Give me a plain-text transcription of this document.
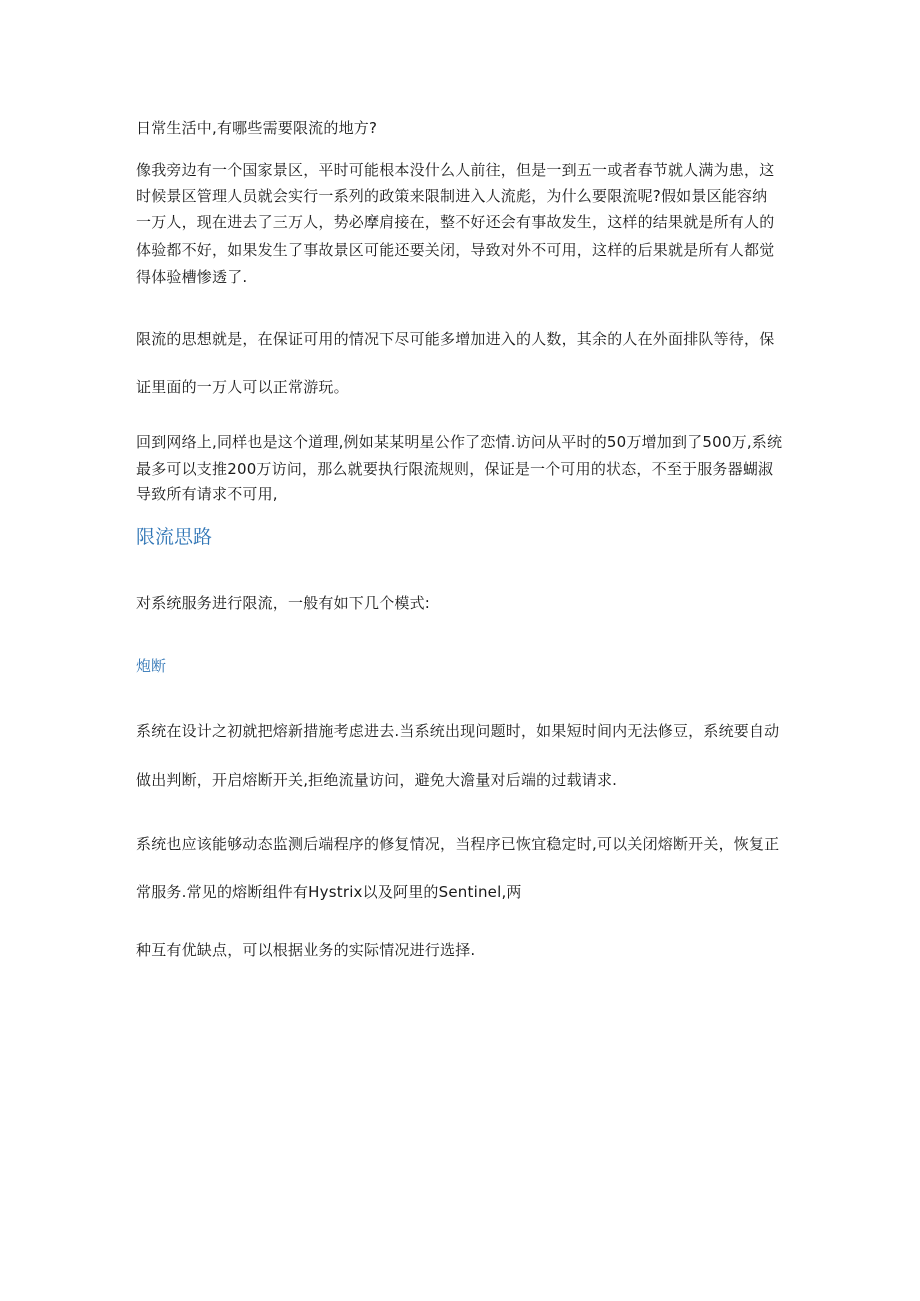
日常生活中,有哪些需要限流的地方?
像我旁边有一个国家景区，平时可能根本没什么人前往，但是一到五一或者春节就人满为患，这
时候景区管理人员就会实行一系列的政策来限制进入人流彪，为什么要限流呢?假如景区能容纳
一万人，现在进去了三万人，势必摩肩接在，整不好还会有事故发生，这样的结果就是所有人的
体验都不好，如果发生了事故景区可能还要关闭，导致对外不可用，这样的后果就是所有人都觉
得体验槽惨透了.
限流的思想就是，在保证可用的情况下尽可能多增加进入的人数，其余的人在外面排队等待，保
证里面的一万人可以正常游玩。
回到网络上,同样也是这个道理,例如某某明星公作了恋情.访问从平时的50万增加到了500万,系统
最多可以支推200万访问，那么就要执行限流规则，保证是一个可用的状态，不至于服务器蝴淑
导致所有请求不可用,
限流思路
对系统服务进行限流，一般有如下几个模式:
炮断
系统在设计之初就把熔新措施考虑进去.当系统出现问题时，如果短时间内无法修豆，系统要自动
做出判断，开启熔断开关,拒绝流量访问，避免大澹量对后端的过载请求.
系统也应该能够动态监测后端程序的修复情况，当程序已恢宜稳定时,可以关闭熔断开关，恢复正
常服务.常见的熔断组件有Hystrix以及阿里的Sentinel,两
种互有优缺点，可以根据业务的实际情况进行选择.
